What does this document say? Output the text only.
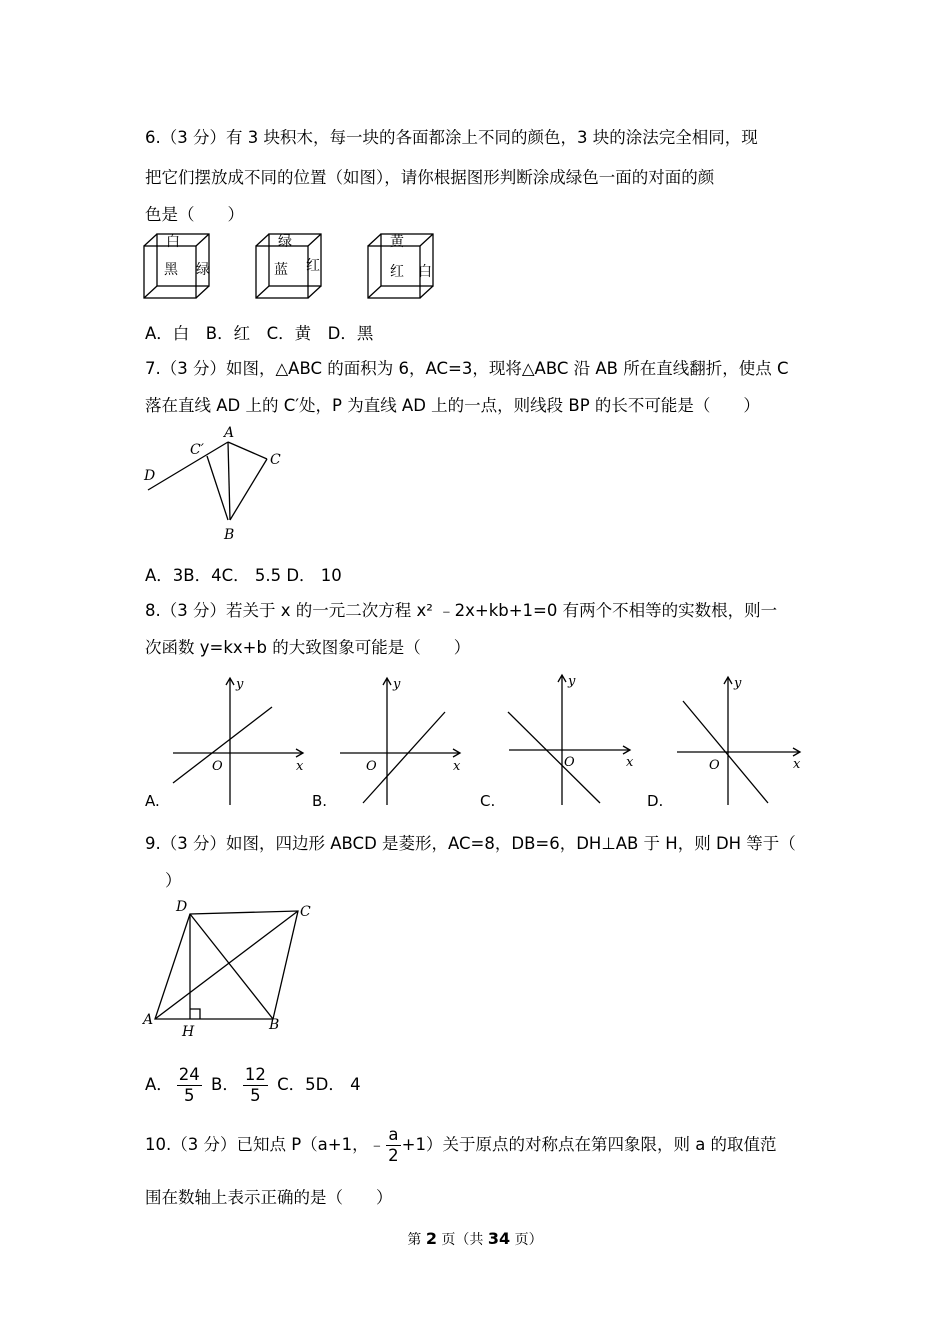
6.（3 分）有 3 块积木，每一块的各面都涂上不同的颜色，3 块的涂法完全相同，现
把它们摆放成不同的位置（如图），请你根据图形判断涂成绿色一面的对面的颜
色是（　　）
白
黑 绿
绿
蓝 红
黄
红 白
A．白　B．红　C．黄　D．黑
7.（3 分）如图，△ABC 的面积为 6，AC=3，现将△ABC 沿 AB 所在直线翻折，使点 C
落在直线 AD 上的 C′处，P 为直线 AD 上的一点，则线段 BP 的长不可能是（　　）
A
C
C′
D
B
A．3B．4C． 5.5 D． 10
8.（3 分）若关于 x 的一元二次方程 x² ﹣2x+kb+1=0 有两个不相等的实数根，则一
次函数 y=kx+b 的大致图象可能是（　　）
y
x
O
y
x
O
y
x
O
y
x
O
A.	B.	C.	D.
9.（3 分）如图，四边形 ABCD 是菱形，AC=8，DB=6，DH⊥AB 于 H，则 DH 等于（
）
D	C
A
H	B
A． $\frac{24}{5}$ B． $\frac{12}{5}$ C．5D． 4
10.（3 分）已知点 P（a+1，﹣ $\frac{a}{2} +1$）关于原点的对称点在第四象限，则 a 的取值范
围在数轴上表示正确的是（　　）
第 2 页（共 34 页）
